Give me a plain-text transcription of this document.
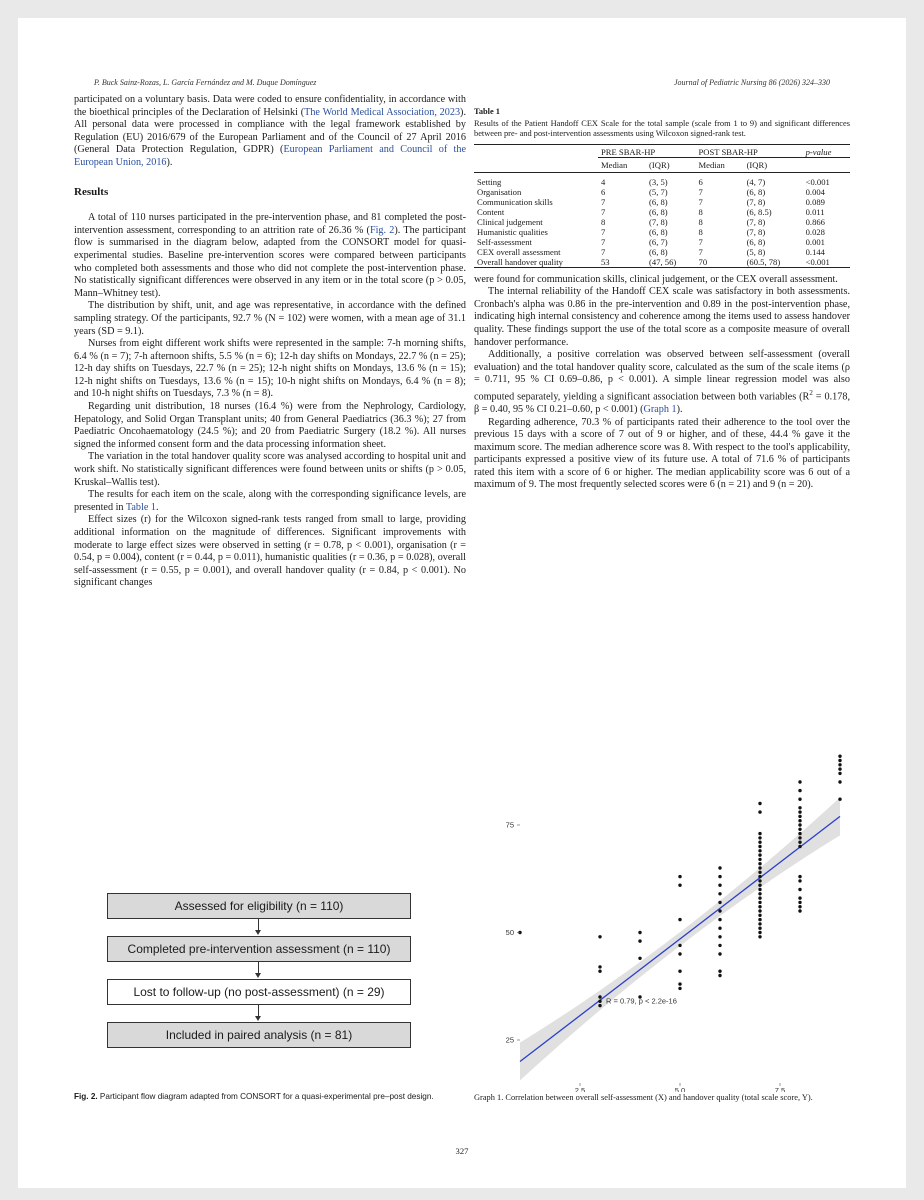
P. Buck Sainz-Rozas, L. García Fernández and M. Duque Domínguez	Journal of Pediatric Nursing 86 (2026) 324–330

participated on a voluntary basis. Data were coded to ensure confidentiality, in accordance with the bioethical principles of the Declaration of Helsinki (The World Medical Association, 2023). All personal data were processed in compliance with the legal framework established by Regulation (EU) 2016/679 of the European Parliament and of the Council of 27 April 2016 (General Data Protection Regulation, GDPR) (European Parliament and Council of the European Union, 2016).

Results

A total of 110 nurses participated in the pre-intervention phase, and 81 completed the post-intervention assessment, corresponding to an attrition rate of 26.36 % (Fig. 2). The participant flow is summarised in the diagram below, adapted from the CONSORT model for quasi-experimental studies. Baseline pre-intervention scores were compared between participants who completed both assessments and those who did not complete the post-intervention phase. No statistically significant differences were observed in any item or in the total score (p > 0.05, Mann–Whitney test).

The distribution by shift, unit, and age was representative, in accordance with the defined sampling strategy. Of the participants, 92.7 % (N = 102) were women, with a mean age of 31.1 years (SD = 9.1).

Nurses from eight different work shifts were represented in the sample: 7-h morning shifts, 6.4 % (n = 7); 7-h afternoon shifts, 5.5 % (n = 6); 12-h day shifts on Mondays, 22.7 % (n = 25); 12-h day shifts on Tuesdays, 22.7 % (n = 25); 12-h night shifts on Mondays, 13.6 % (n = 15); 12-h night shifts on Tuesdays, 13.6 % (n = 15); 10-h night shifts on Mondays, 6.4 % (n = 8); and 10-h night shifts on Tuesdays, 7.3 % (n = 8).

Regarding unit distribution, 18 nurses (16.4 %) were from the Nephrology, Cardiology, Hepatology, and Solid Organ Transplant units; 40 from General Paediatrics (36.3 %); 27 from Paediatric Oncohaematology (24.5 %); and 20 from Paediatric Surgery (18.2 %). All nurses signed the informed consent form and the data processing information sheet.

The variation in the total handover quality score was analysed according to hospital unit and work shift. No statistically significant differences were found between units or shifts (p > 0.05, Kruskal–Wallis test).

The results for each item on the scale, along with the corresponding significance levels, are presented in Table 1.

Effect sizes (r) for the Wilcoxon signed-rank tests ranged from small to large, providing additional information on the magnitude of differences. Significant improvements with moderate to large effect sizes were observed in setting (r = 0.78, p < 0.001), organisation (r = 0.54, p = 0.004), content (r = 0.44, p = 0.011), humanistic qualities (r = 0.36, p = 0.028), overall self-assessment (r = 0.55, p = 0.001), and overall handover quality (r = 0.84, p < 0.001). No significant changes

Table 1
Results of the Patient Handoff CEX Scale for the total sample (scale from 1 to 9) and significant differences between pre- and post-intervention assessments using Wilcoxon signed-rank test.
	PRE SBAR-HP		POST SBAR-HP		p-value
	Median	(IQR)	Median	(IQR)	

Setting	4	(3, 5)	6	(4, 7)	<0.001
Organisation	6	(5, 7)	7	(6, 8)	0.004
Communication skills	7	(6, 8)	7	(7, 8)	0.089
Content	7	(6, 8)	8	(6, 8.5)	0.011
Clinical judgement	8	(7, 8)	8	(7, 8)	0.866
Humanistic qualities	7	(6, 8)	8	(7, 8)	0.028
Self-assessment	7	(6, 7)	7	(6, 8)	0.001
CEX overall assessment	7	(6, 8)	7	(5, 8)	0.144
Overall handover quality	53	(47, 56)	70	(60.5, 78)	<0.001

were found for communication skills, clinical judgement, or the CEX overall assessment.

The internal reliability of the Handoff CEX scale was satisfactory in both assessments. Cronbach's alpha was 0.86 in the pre-intervention and 0.89 in the post-intervention phase, indicating high internal consistency and coherence among the items used to assess handover quality. These findings support the use of the total score as a composite measure of overall handover performance.

Additionally, a positive correlation was observed between self-assessment (overall evaluation) and the total handover quality score, calculated as the sum of the scale items (ρ = 0.711, 95 % CI 0.69–0.86, p < 0.001). A simple linear regression model was also computed separately, yielding a significant association between both variables ($R^2 = 0.178$, β = 0.40, 95 % CI 0.21–0.60, p < 0.001) (Graph 1).

Regarding adherence, 70.3 % of participants rated their adherence to the tool over the previous 15 days with a score of 7 out of 9 or higher, and of these, 44.4 % gave it the maximum score. The median adherence score was 8. With respect to the tool's applicability, participants expressed a positive view of its future use. A total of 71.6 % of participants rated this item with a score of 6 or higher. The median applicability score was 6 out of a maximum of 9. The most frequently selected scores were 6 (n = 21) and 9 (n = 20).

Assessed for eligibility (n = 110)
Completed pre-intervention assessment (n = 110)
Lost to follow-up (no post-assessment) (n = 29)
Included in paired analysis (n = 81)
Fig. 2. Participant flow diagram adapted from CONSORT for a quasi-experimental pre–post design.
2.5	5.0	7.5
25
50
75
R = 0.79, p < 2.2e-16
Graph 1. Correlation between overall self-assessment (X) and handover quality (total scale score, Y).
327
